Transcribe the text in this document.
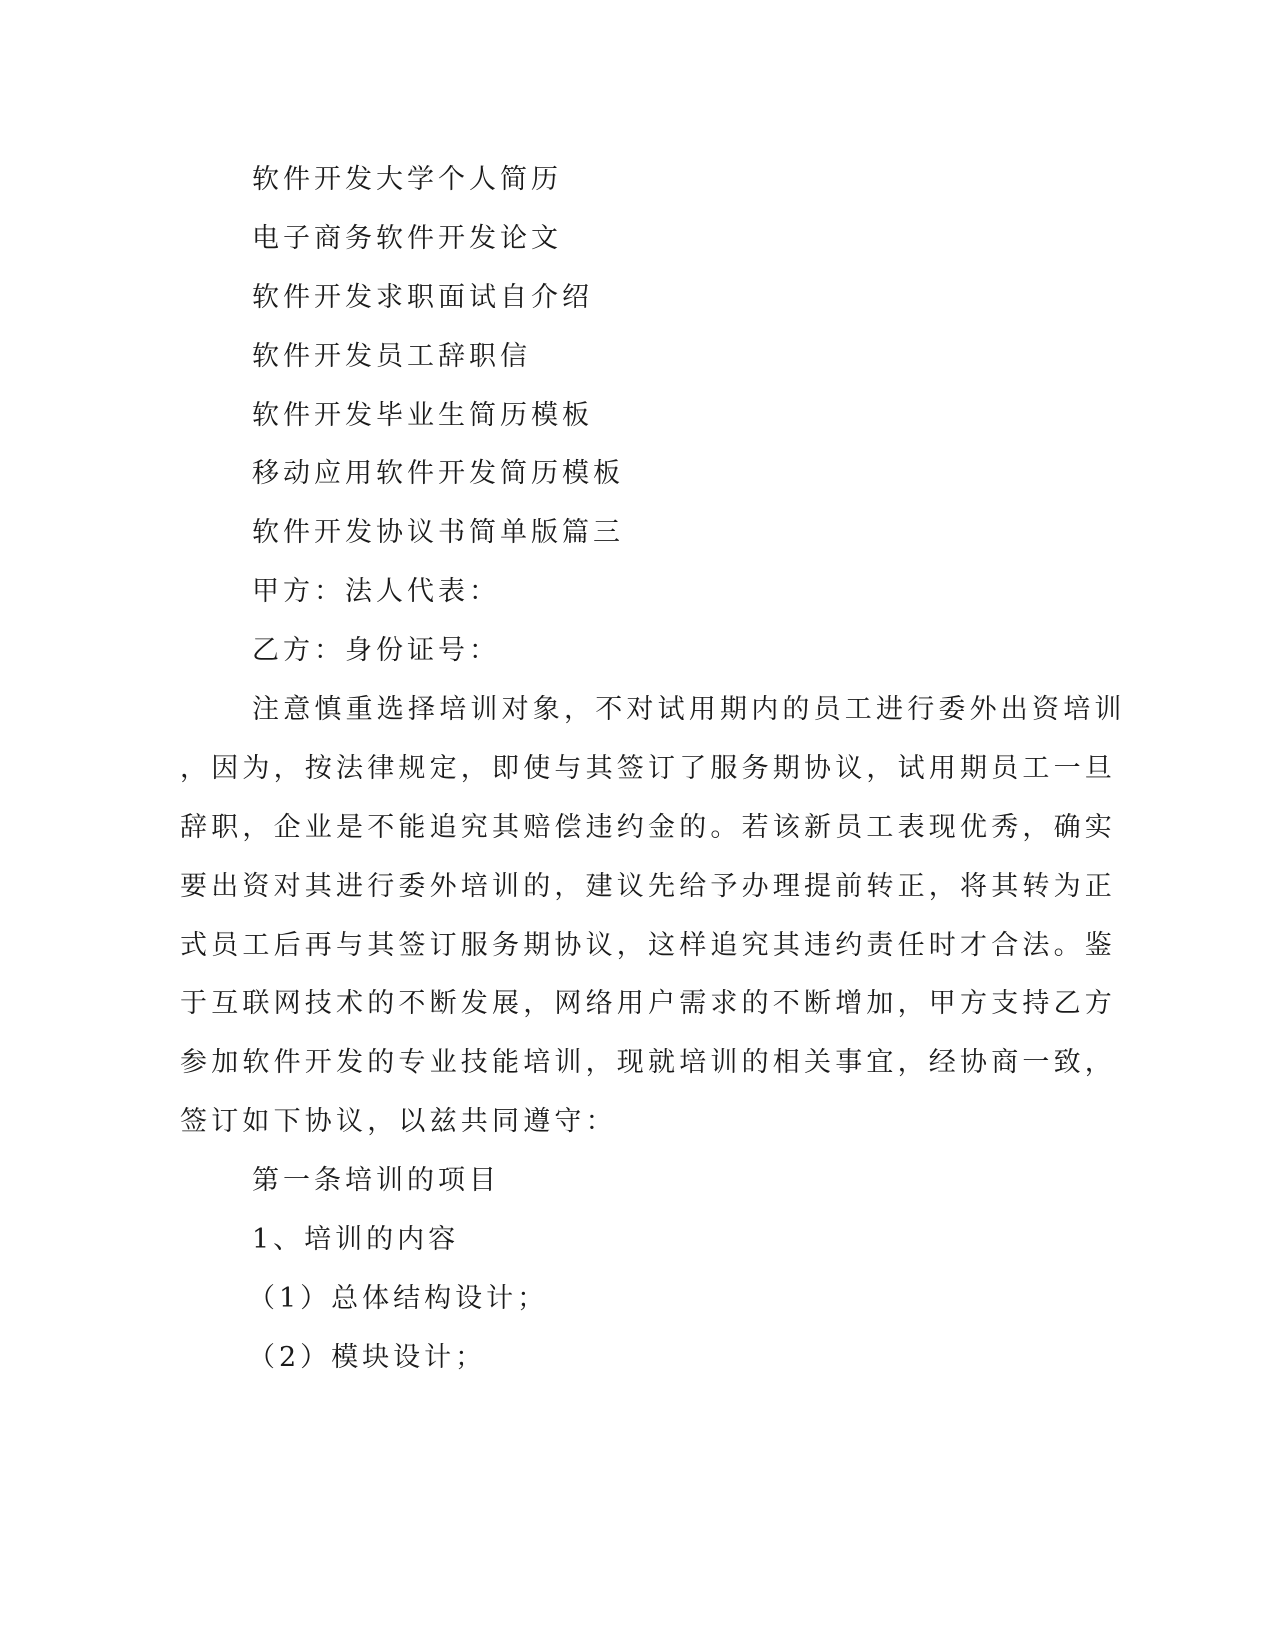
软件开发大学个人简历
电子商务软件开发论文
软件开发求职面试自介绍
软件开发员工辞职信
软件开发毕业生简历模板
移动应用软件开发简历模板
软件开发协议书简单版篇三
甲方：法人代表：
乙方：身份证号：
注意慎重选择培训对象，不对试用期内的员工进行委外出资培训
，因为，按法律规定，即使与其签订了服务期协议，试用期员工一旦
辞职，企业是不能追究其赔偿违约金的。若该新员工表现优秀，确实
要出资对其进行委外培训的，建议先给予办理提前转正，将其转为正
式员工后再与其签订服务期协议，这样追究其违约责任时才合法。鉴
于互联网技术的不断发展，网络用户需求的不断增加，甲方支持乙方
参加软件开发的专业技能培训，现就培训的相关事宜，经协商一致，
签订如下协议，以兹共同遵守：
第一条培训的项目
1、培训的内容
（1）总体结构设计；
（2）模块设计；
